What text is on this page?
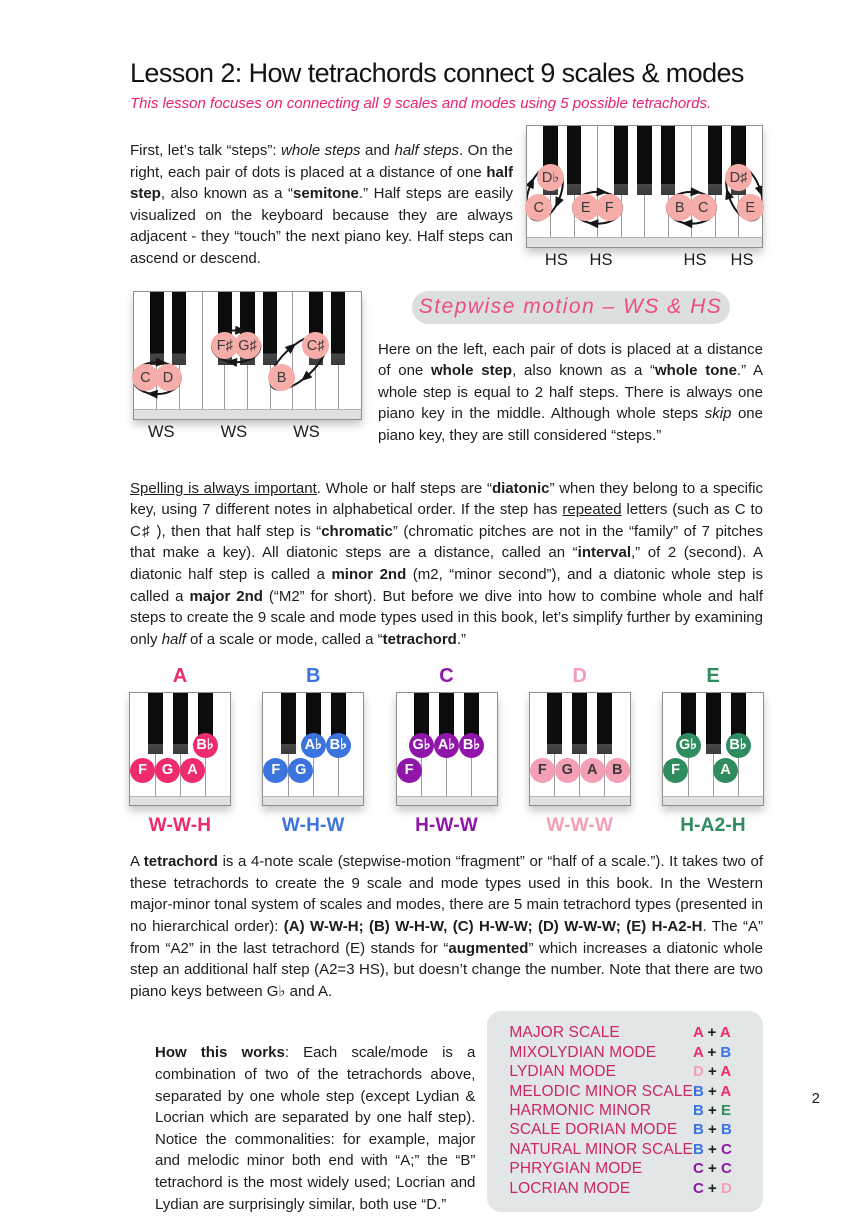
Lesson 2: How tetrachords connect 9 scales & modes
This lesson focuses on connecting all 9 scales and modes using 5 possible tetrachords.

First, let’s talk “steps”: whole steps and half steps. On the right, each pair of dots is placed at a distance of one half step, also known as a “semitone.” Half steps are easily visualized on the keyboard because they are always adjacent - they “touch” the next piano key. Half steps can ascend or descend.

C
D♭
E F	B C
D♯
E
HS HS	HS HS
C D
F♯ G♯
B
C♯
WS	WS	WS
Stepwise motion – WS & HS

Here on the left, each pair of dots is placed at a distance of one whole step, also known as a “whole tone.” A whole step is equal to 2 half steps. There is always one piano key in the middle. Although whole steps skip one piano key, they are still considered “steps.”

Spelling is always important. Whole or half steps are “diatonic” when they belong to a specific key, using 7 different notes in alphabetical order. If the step has repeated letters (such as C to C♯ ), then that half step is “chromatic” (chromatic pitches are not in the “family” of 7 pitches that make a key). All diatonic steps are a distance, called an “interval,” of 2 (second). A diatonic half step is called a minor 2nd (m2, “minor second”), and a diatonic whole step is called a major 2nd (“M2” for short). But before we dive into how to combine whole and half steps to create the 9 scale and mode types used in this book, let’s simplify further by examining only half of a scale or mode, called a “tetrachord.”

A
F	G A
B♭
W-W-H
B
F	G
A♭ B♭
W-H-W
C
F
G♭ A♭ B♭
H-W-W
D
F	G A	B
W-W-W
E
F	A
G♭ B♭
H-A2-H

A tetrachord is a 4-note scale (stepwise-motion “fragment” or “half of a scale.”). It takes two of these tetrachords to create the 9 scale and mode types used in this book. In the Western major-minor tonal system of scales and modes, there are 5 main tetrachord types (presented in no hierarchical order): (A) W-W-H; (B) W-H-W, (C) H-W-W; (D) W-W-W; (E) H-A2-H. The “A” from “A2” in the last tetrachord (E) stands for “augmented” which increases a diatonic whole step an additional half step (A2=3 HS), but doesn’t change the number. Note that there are two piano keys between G♭ and A.

How this works: Each scale/mode is a combination of two of the tetrachords above, separated by one whole step (except Lydian & Locrian which are separated by one half step). Notice the commonalities: for example, major and melodic minor both end with “A;” the “B” tetrachord is the most widely used; Locrian and Lydian are surprisingly similar, both use “D.”

MAJOR SCALE	A + A
MIXOLYDIAN MODE	A + B
LYDIAN MODE	D + A
MELODIC MINOR SCALE B + A
HARMONIC MINOR	B + E
SCALE DORIAN MODE	B + B
NATURAL MINOR SCALE B + C
PHRYGIAN MODE	C + C
LOCRIAN MODE	C + D
2
